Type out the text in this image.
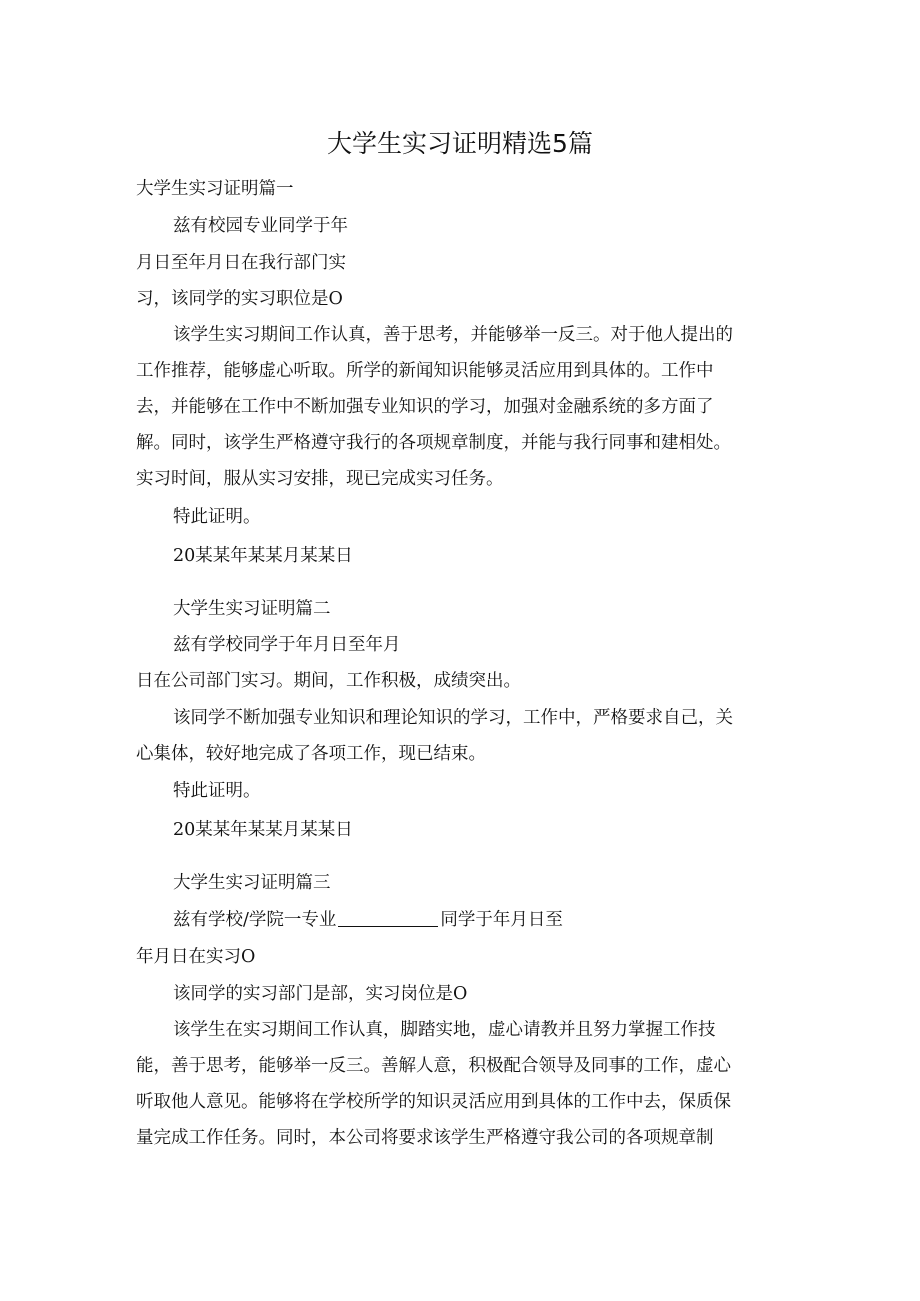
大学生实习证明精选5篇
大学生实习证明篇一
兹有校园专业同学于年
月日至年月日在我行部门实
习，该同学的实习职位是O
该学生实习期间工作认真，善于思考，并能够举一反三。对于他人提出的
工作推荐，能够虚心听取。所学的新闻知识能够灵活应用到具体的。工作中
去，并能够在工作中不断加强专业知识的学习，加强对金融系统的多方面了
解。同时，该学生严格遵守我行的各项规章制度，并能与我行同事和建相处。
实习时间，服从实习安排，现已完成实习任务。
特此证明。
20某某年某某月某某日
大学生实习证明篇二
兹有学校同学于年月日至年月
日在公司部门实习。期间，工作积极，成绩突出。
该同学不断加强专业知识和理论知识的学习，工作中，严格要求自己，关
心集体，较好地完成了各项工作，现已结束。
特此证明。
20某某年某某月某某日
大学生实习证明篇三
兹有学校/学院一专业	同学于年月日至
年月日在实习O
该同学的实习部门是部，实习岗位是O
该学生在实习期间工作认真，脚踏实地，虚心请教并且努力掌握工作技
能，善于思考，能够举一反三。善解人意，积极配合领导及同事的工作，虚心
听取他人意见。能够将在学校所学的知识灵活应用到具体的工作中去，保质保
量完成工作任务。同时，本公司将要求该学生严格遵守我公司的各项规章制
